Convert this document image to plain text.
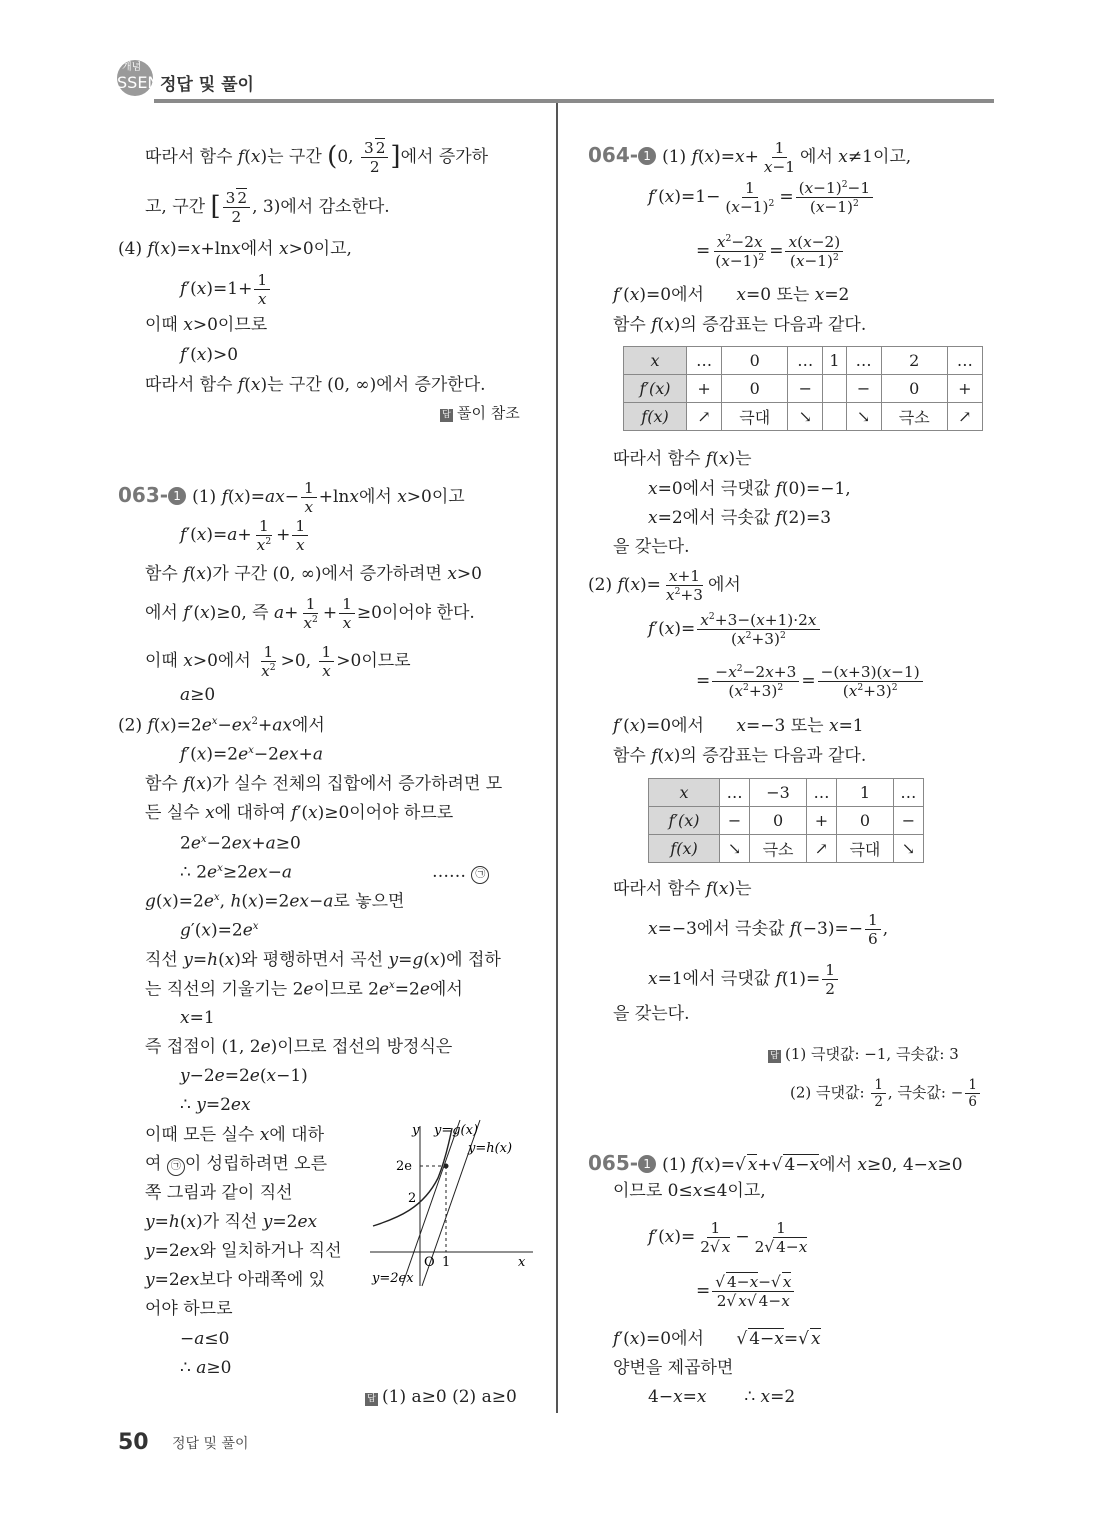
개념
SSEN 정답 및 풀이
따라서 함수 f(x)는 구간 (0, $\frac{3 2}{2}$ ]에서 증가하
고, 구간 [ $\frac{3 2}{2}$ , 3)에서 감소한다.
(4) f(x)=x+lnx에서 x>0이고,
$f'(x)=1+ \frac{1}{x}$
이때 x>0이므로
f′(x)>0
따라서 함수 f(x)는 구간 (0, ∞)에서 증가한다.
답 풀이 참조
063- 1 (1) $f(x)=ax- \frac{1}{x} +\ln x$에서 x>0이고
$f'(x)=a+ \frac{1}{x^2} + \frac{1}{x}$
함수 f(x)가 구간 (0, ∞)에서 증가하려면 x>0
에서 f′(x)≥0, 즉 $a+ \frac{1}{x^2} + \frac{1}{x} \ge 0$이어야 한다.
이때 x>0에서 $\frac{1}{x^2} >0$, $\frac{1}{x} >0$이므로
a≥0
(2) $f(x)=2e^x-ex^2+ax$에서
$f'(x)=2e^x-2ex+a$
함수 f(x)가 실수 전체의 집합에서 증가하려면 모
든 실수 x에 대하여 f′(x)≥0이어야 하므로
$2e^x-2ex+a\ge 0$
∴ $2e^x\ge 2ex-a$	…… ㉠
$g(x)=2e^x$, h(x)=2ex−a로 놓으면
$g'(x)=2e^x$
직선 y=h(x)와 평행하면서 곡선 y=g(x)에 접하
는 직선의 기울기는 2e이므로 $2e^x=2e$에서
x=1
즉 접점이 (1, 2e)이므로 접선의 방정식은
y−2e=2e(x−1)
∴ y=2ex
이때 모든 실수 x에 대하
여 ㉠ 이 성립하려면 오른
쪽 그림과 같이 직선
y=h(x)가 직선 y=2ex
y=2ex와 일치하거나 직선
y=2ex보다 아래쪽에 있
어야 하므로
−a≤0
∴ a≥0
답 (1) a≥0 (2) a≥0
y
x
y=g(x)
y=h(x)
2e
2
O 1
y=2ex
064- 1 (1) $f(x)=x+ \frac{1}{x-1}$ 에서 x≠1이고,
$f'(x)=1- \frac{1}{(x-1)^2} = \frac{(x-1)^2-1}{(x-1)^2}$
= $\frac{x^2-2x}{(x-1)^2} = \frac{x(x-2)}{(x-1)^2}$
f′(x)=0에서 x=0 또는 x=2
함수 f(x)의 증감표는 다음과 같다.
x	…	0	…	1	…	2	…
f′(x)	+	0	−		−	0	+
f(x)	↗	극대	↘		↘	극소	↗
따라서 함수 f(x)는
x=0에서 극댓값 f(0)=−1,
x=2에서 극솟값 f(2)=3
을 갖는다.
(2) $f(x)= \frac{x+1}{x^2+3}$ 에서
$f'(x)= \frac{x^2+3-(x+1)\cdot 2x}{(x^2+3)^2}$
= $\frac{-x^2-2x+3}{(x^2+3)^2} = \frac{-(x+3)(x-1)}{(x^2+3)^2}$
f′(x)=0에서 x=−3 또는 x=1
함수 f(x)의 증감표는 다음과 같다.
x	…	−3	…	1	…
f′(x)	−	0	+	0	−
f(x)	↘	극소	↗	극대	↘
따라서 함수 f(x)는
x=−3에서 극솟값 $f(-3)=- \frac{1}{6}$ ,
x=1에서 극댓값 $f(1)= \frac{1}{2}$
을 갖는다.
답 (1) 극댓값: −1, 극솟값: 3
(2) 극댓값: $\frac{1}{2}$ , 극솟값: − $\frac{1}{6}$
065- 1 (1) f(x)=√ x+√ 4−x에서 x≥0, 4−x≥0
이므로 0≤x≤4이고,
$f'(x)= \frac{1}{2√ x} - \frac{1}{2√ 4-x}$
= $\frac{√ 4-x-√ x}{2√ x√ 4-x}$
f′(x)=0에서      √ 4−x=√ x
양변을 제곱하면
4−x=x       ∴ x=2
50 정답 및 풀이
